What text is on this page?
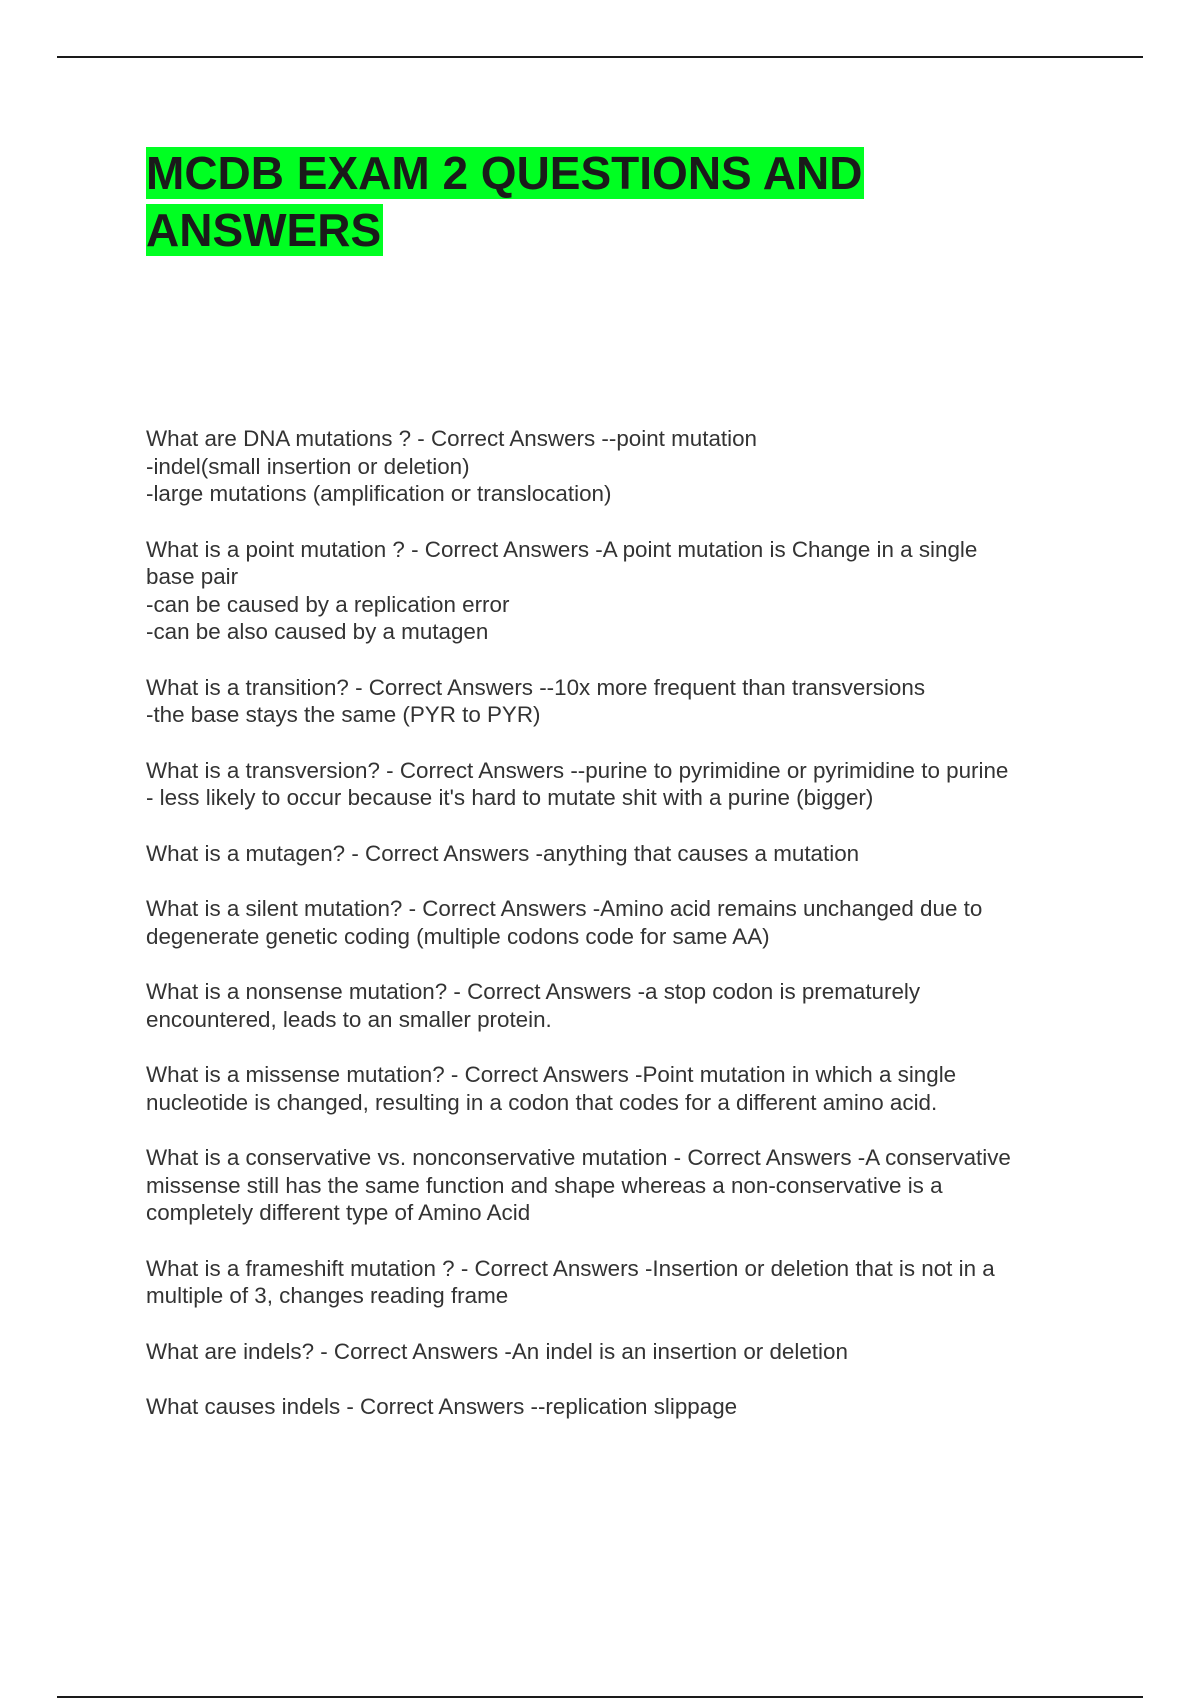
MCDB EXAM 2 QUESTIONS AND ANSWERS
What are DNA mutations ? - Correct Answers --point mutation
-indel(small insertion or deletion)
-large mutations (amplification or translocation)
What is a point mutation ? - Correct Answers -A point mutation is Change in a single
base pair
-can be caused by a replication error
-can be also caused by a mutagen
What is a transition? - Correct Answers --10x more frequent than transversions
-the base stays the same (PYR to PYR)
What is a transversion? - Correct Answers --purine to pyrimidine or pyrimidine to purine
- less likely to occur because it's hard to mutate shit with a purine (bigger)
What is a mutagen? - Correct Answers -anything that causes a mutation
What is a silent mutation? - Correct Answers -Amino acid remains unchanged due to
degenerate genetic coding (multiple codons code for same AA)
What is a nonsense mutation? - Correct Answers -a stop codon is prematurely
encountered, leads to an smaller protein.
What is a missense mutation? - Correct Answers -Point mutation in which a single
nucleotide is changed, resulting in a codon that codes for a different amino acid.
What is a conservative vs. nonconservative mutation - Correct Answers -A conservative
missense still has the same function and shape whereas a non-conservative is a
completely different type of Amino Acid
What is a frameshift mutation ? - Correct Answers -Insertion or deletion that is not in a
multiple of 3, changes reading frame
What are indels? - Correct Answers -An indel is an insertion or deletion
What causes indels - Correct Answers --replication slippage
